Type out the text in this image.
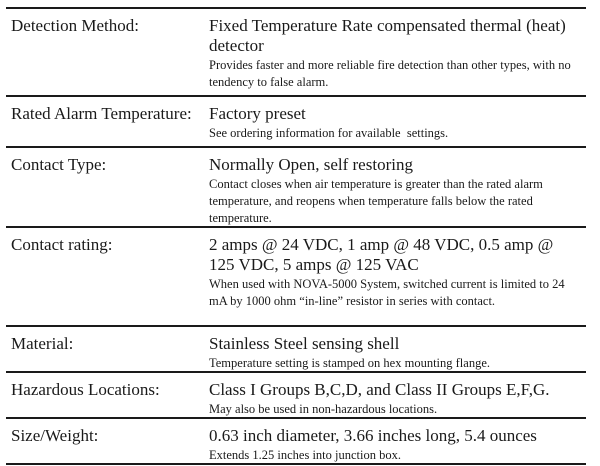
Detection Method:	Fixed Temperature Rate compensated thermal (heat) detector
Provides faster and more reliable fire detection than other types, with no tendency to false alarm.
Rated Alarm Temperature:	Factory preset
See ordering information for available  settings.
Contact Type:	Normally Open, self restoring
Contact closes when air temperature is greater than the rated alarm temperature, and reopens when temperature falls below the rated temperature.
Contact rating:	2 amps @ 24 VDC, 1 amp @ 48 VDC, 0.5 amp @ 125 VDC, 5 amps @ 125 VAC
When used with NOVA-5000 System, switched current is limited to 24 mA by 1000 ohm “in-line” resistor in series with contact.
Material:	Stainless Steel sensing shell
Temperature setting is stamped on hex mounting flange.
Hazardous Locations:	Class I Groups B,C,D, and Class II Groups E,F,G.
May also be used in non-hazardous locations.
Size/Weight:	0.63 inch diameter, 3.66 inches long, 5.4 ounces
Extends 1.25 inches into junction box.
